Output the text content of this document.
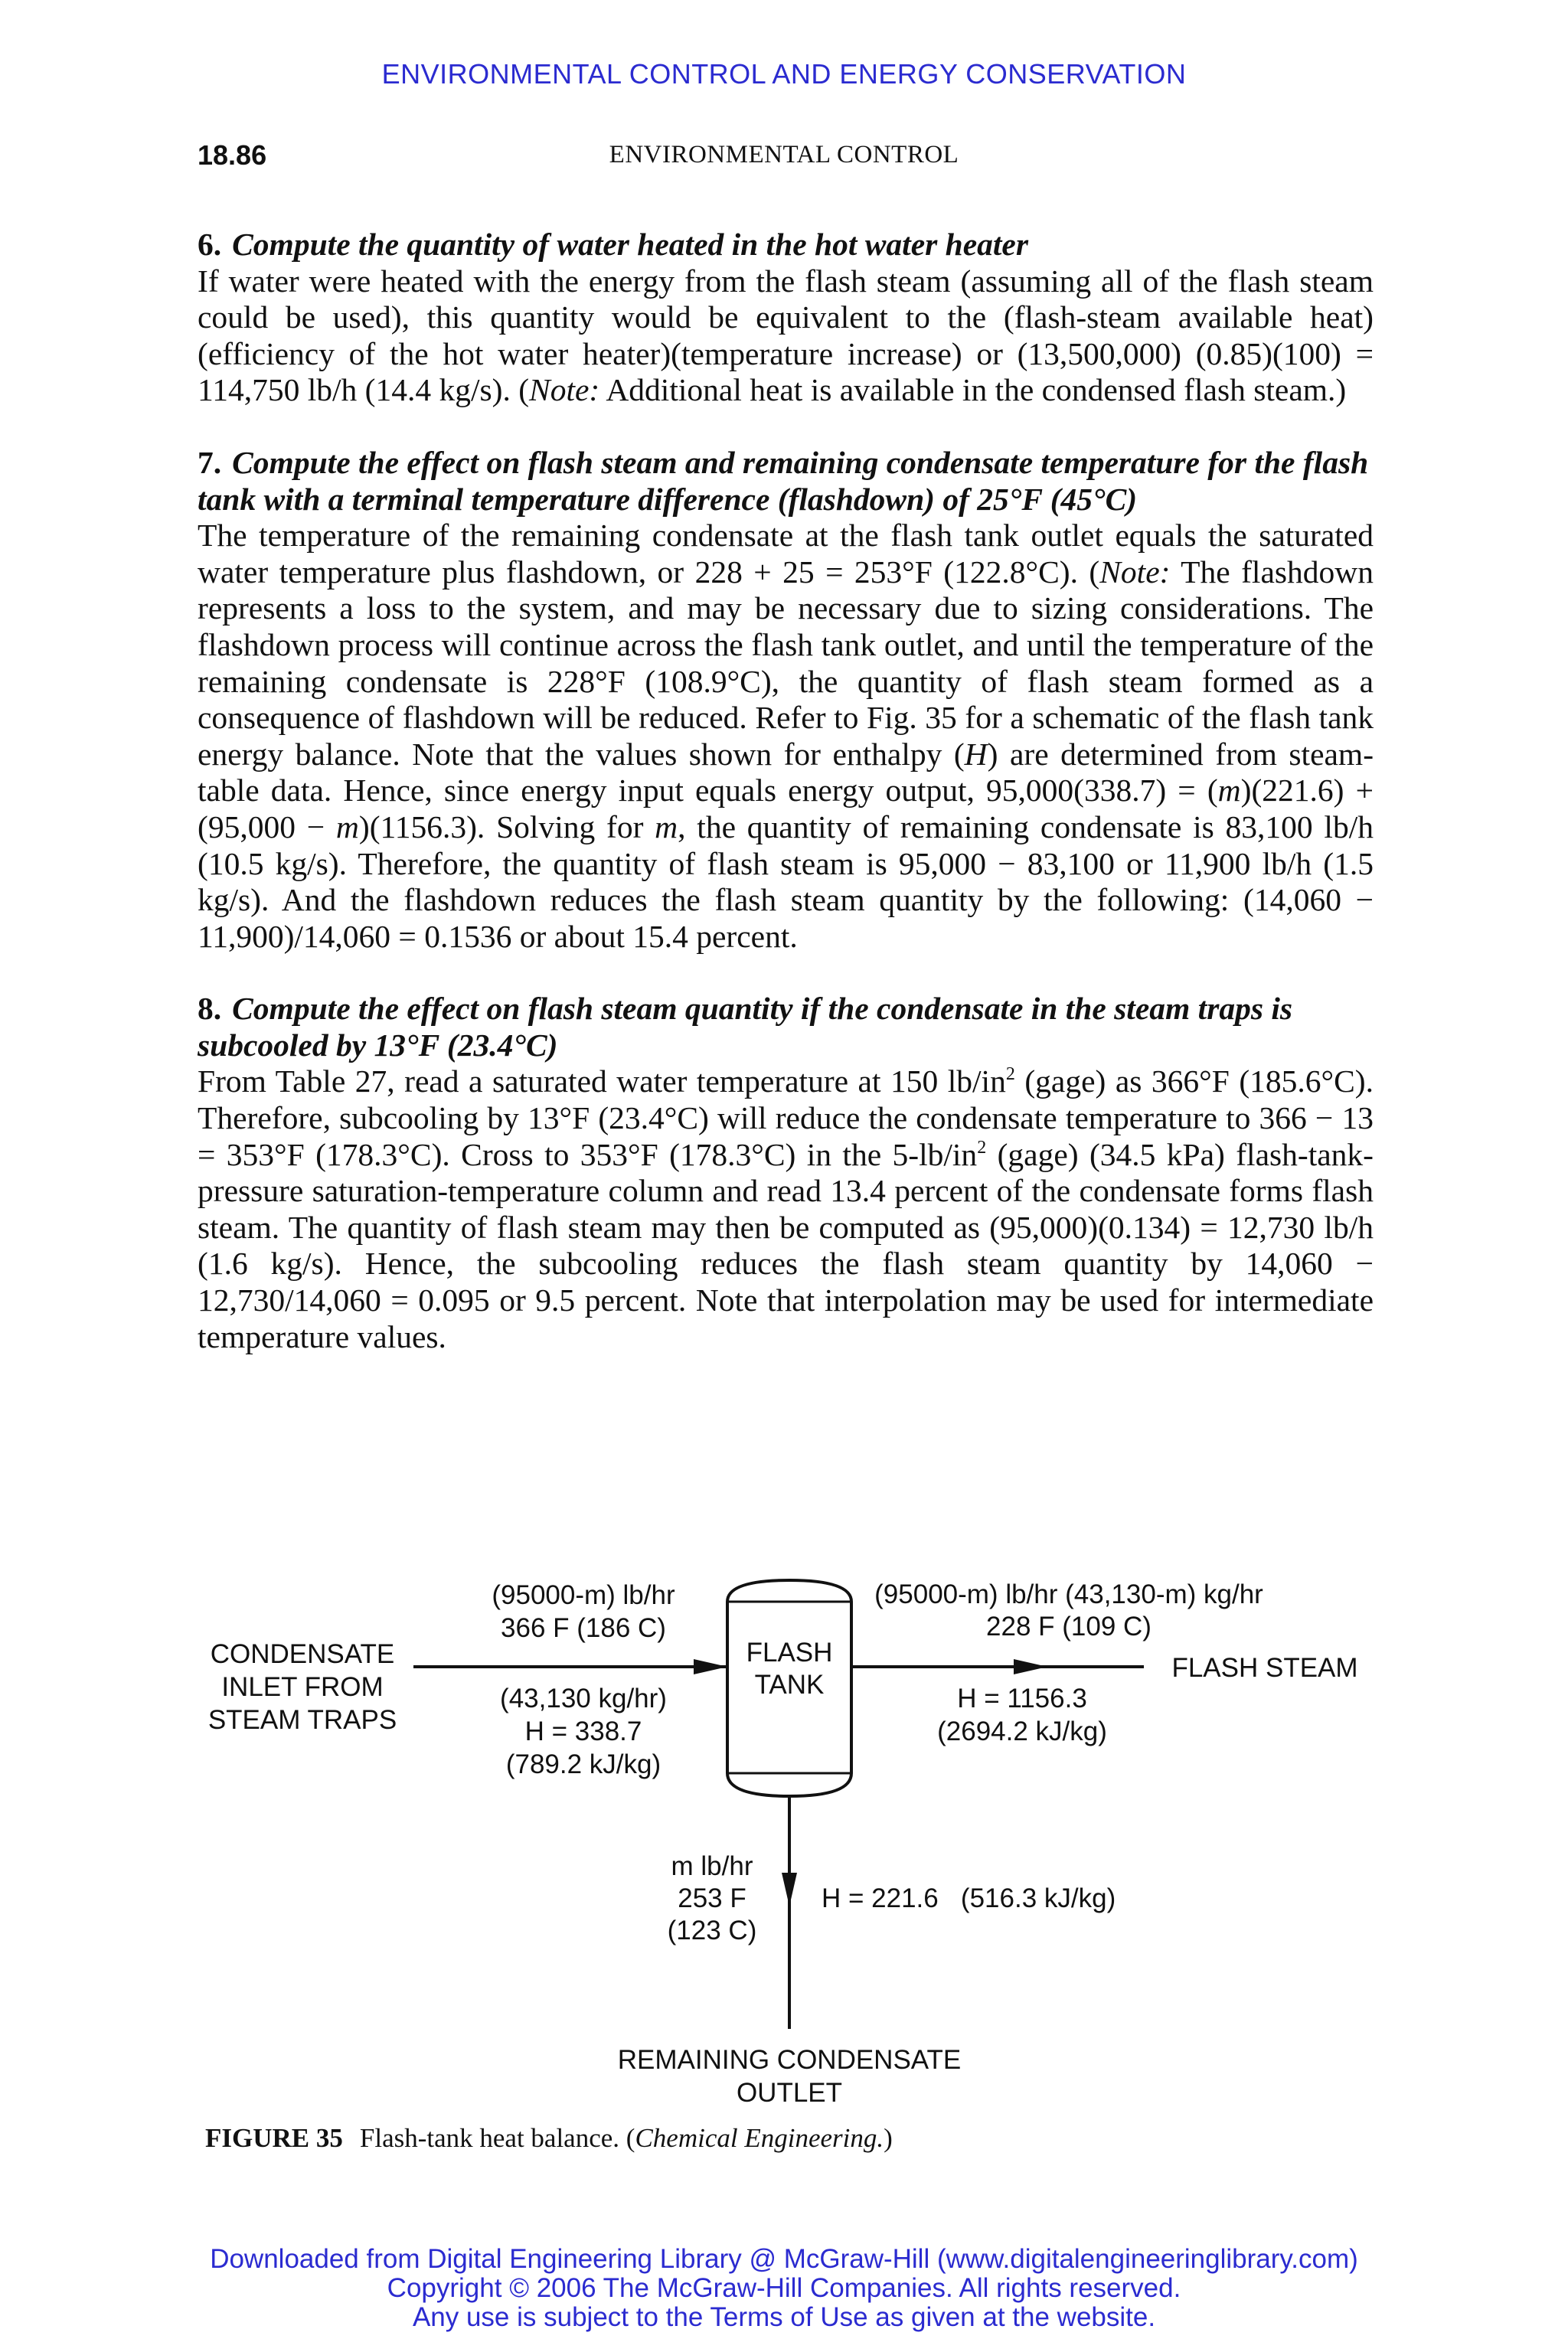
ENVIRONMENTAL CONTROL AND ENERGY CONSERVATION
18.86	ENVIRONMENTAL CONTROL
6. Compute the quantity of water heated in the hot water heater

If water were heated with the energy from the flash steam (assuming all of the flash steam could be used), this quantity would be equivalent to the (flash-steam available heat)(efficiency of the hot water heater)(temperature increase) or (13,500,000) (0.85)(100) = 114,750 lb/h (14.4 kg/s). (Note: Additional heat is available in the condensed flash steam.)

7. Compute the effect on flash steam and remaining condensate temperature for the flash tank with a terminal temperature difference (flashdown) of 25°F (45°C)

The temperature of the remaining condensate at the flash tank outlet equals the saturated water temperature plus flashdown, or 228 + 25 = 253°F (122.8°C). (Note: The flashdown represents a loss to the system, and may be necessary due to sizing considerations. The flashdown process will continue across the flash tank outlet, and until the temperature of the remaining condensate is 228°F (108.9°C), the quantity of flash steam formed as a consequence of flashdown will be reduced. Refer to Fig. 35 for a schematic of the flash tank energy balance. Note that the values shown for enthalpy (H) are determined from steam-table data. Hence, since energy input equals energy output, 95,000(338.7) = (m)(221.6) + (95,000 − m)(1156.3). Solving for m, the quantity of remaining condensate is 83,100 lb/h (10.5 kg/s). Therefore, the quantity of flash steam is 95,000 − 83,100 or 11,900 lb/h (1.5 kg/s). And the flashdown reduces the flash steam quantity by the following: (14,060 − 11,900)/14,060 = 0.1536 or about 15.4 percent.

8. Compute the effect on flash steam quantity if the condensate in the steam traps is subcooled by 13°F (23.4°C)

From Table 27, read a saturated water temperature at 150 $lb/in^2$ (gage) as 366°F (185.6°C). Therefore, subcooling by 13°F (23.4°C) will reduce the condensate temperature to 366 − 13 = 353°F (178.3°C). Cross to 353°F (178.3°C) in the $5-lb/in^2$ (gage) (34.5 kPa) flash-tank-pressure saturation-temperature column and read 13.4 percent of the condensate forms flash steam. The quantity of flash steam may then be computed as (95,000)(0.134) = 12,730 lb/h (1.6 kg/s). Hence, the subcooling reduces the flash steam quantity by 14,060 − 12,730/14,060 = 0.095 or 9.5 percent. Note that interpolation may be used for intermediate temperature values.

FLASH
TANK
CONDENSATE
INLET FROM
STEAM TRAPS
(95000-m) lb/hr
366 F (186 C)
(43,130 kg/hr)
H = 338.7
(789.2 kJ/kg)
(95000-m) lb/hr (43,130-m) kg/hr
228 F (109 C)
FLASH STEAM
H = 1156.3
(2694.2 kJ/kg)
m lb/hr
253 F
(123 C)
H = 221.6   (516.3 kJ/kg)
REMAINING CONDENSATE
OUTLET
FIGURE 35 Flash-tank heat balance. (Chemical Engineering.)
Downloaded from Digital Engineering Library @ McGraw-Hill (www.digitalengineeringlibrary.com)
Copyright © 2006 The McGraw-Hill Companies. All rights reserved.
Any use is subject to the Terms of Use as given at the website.
